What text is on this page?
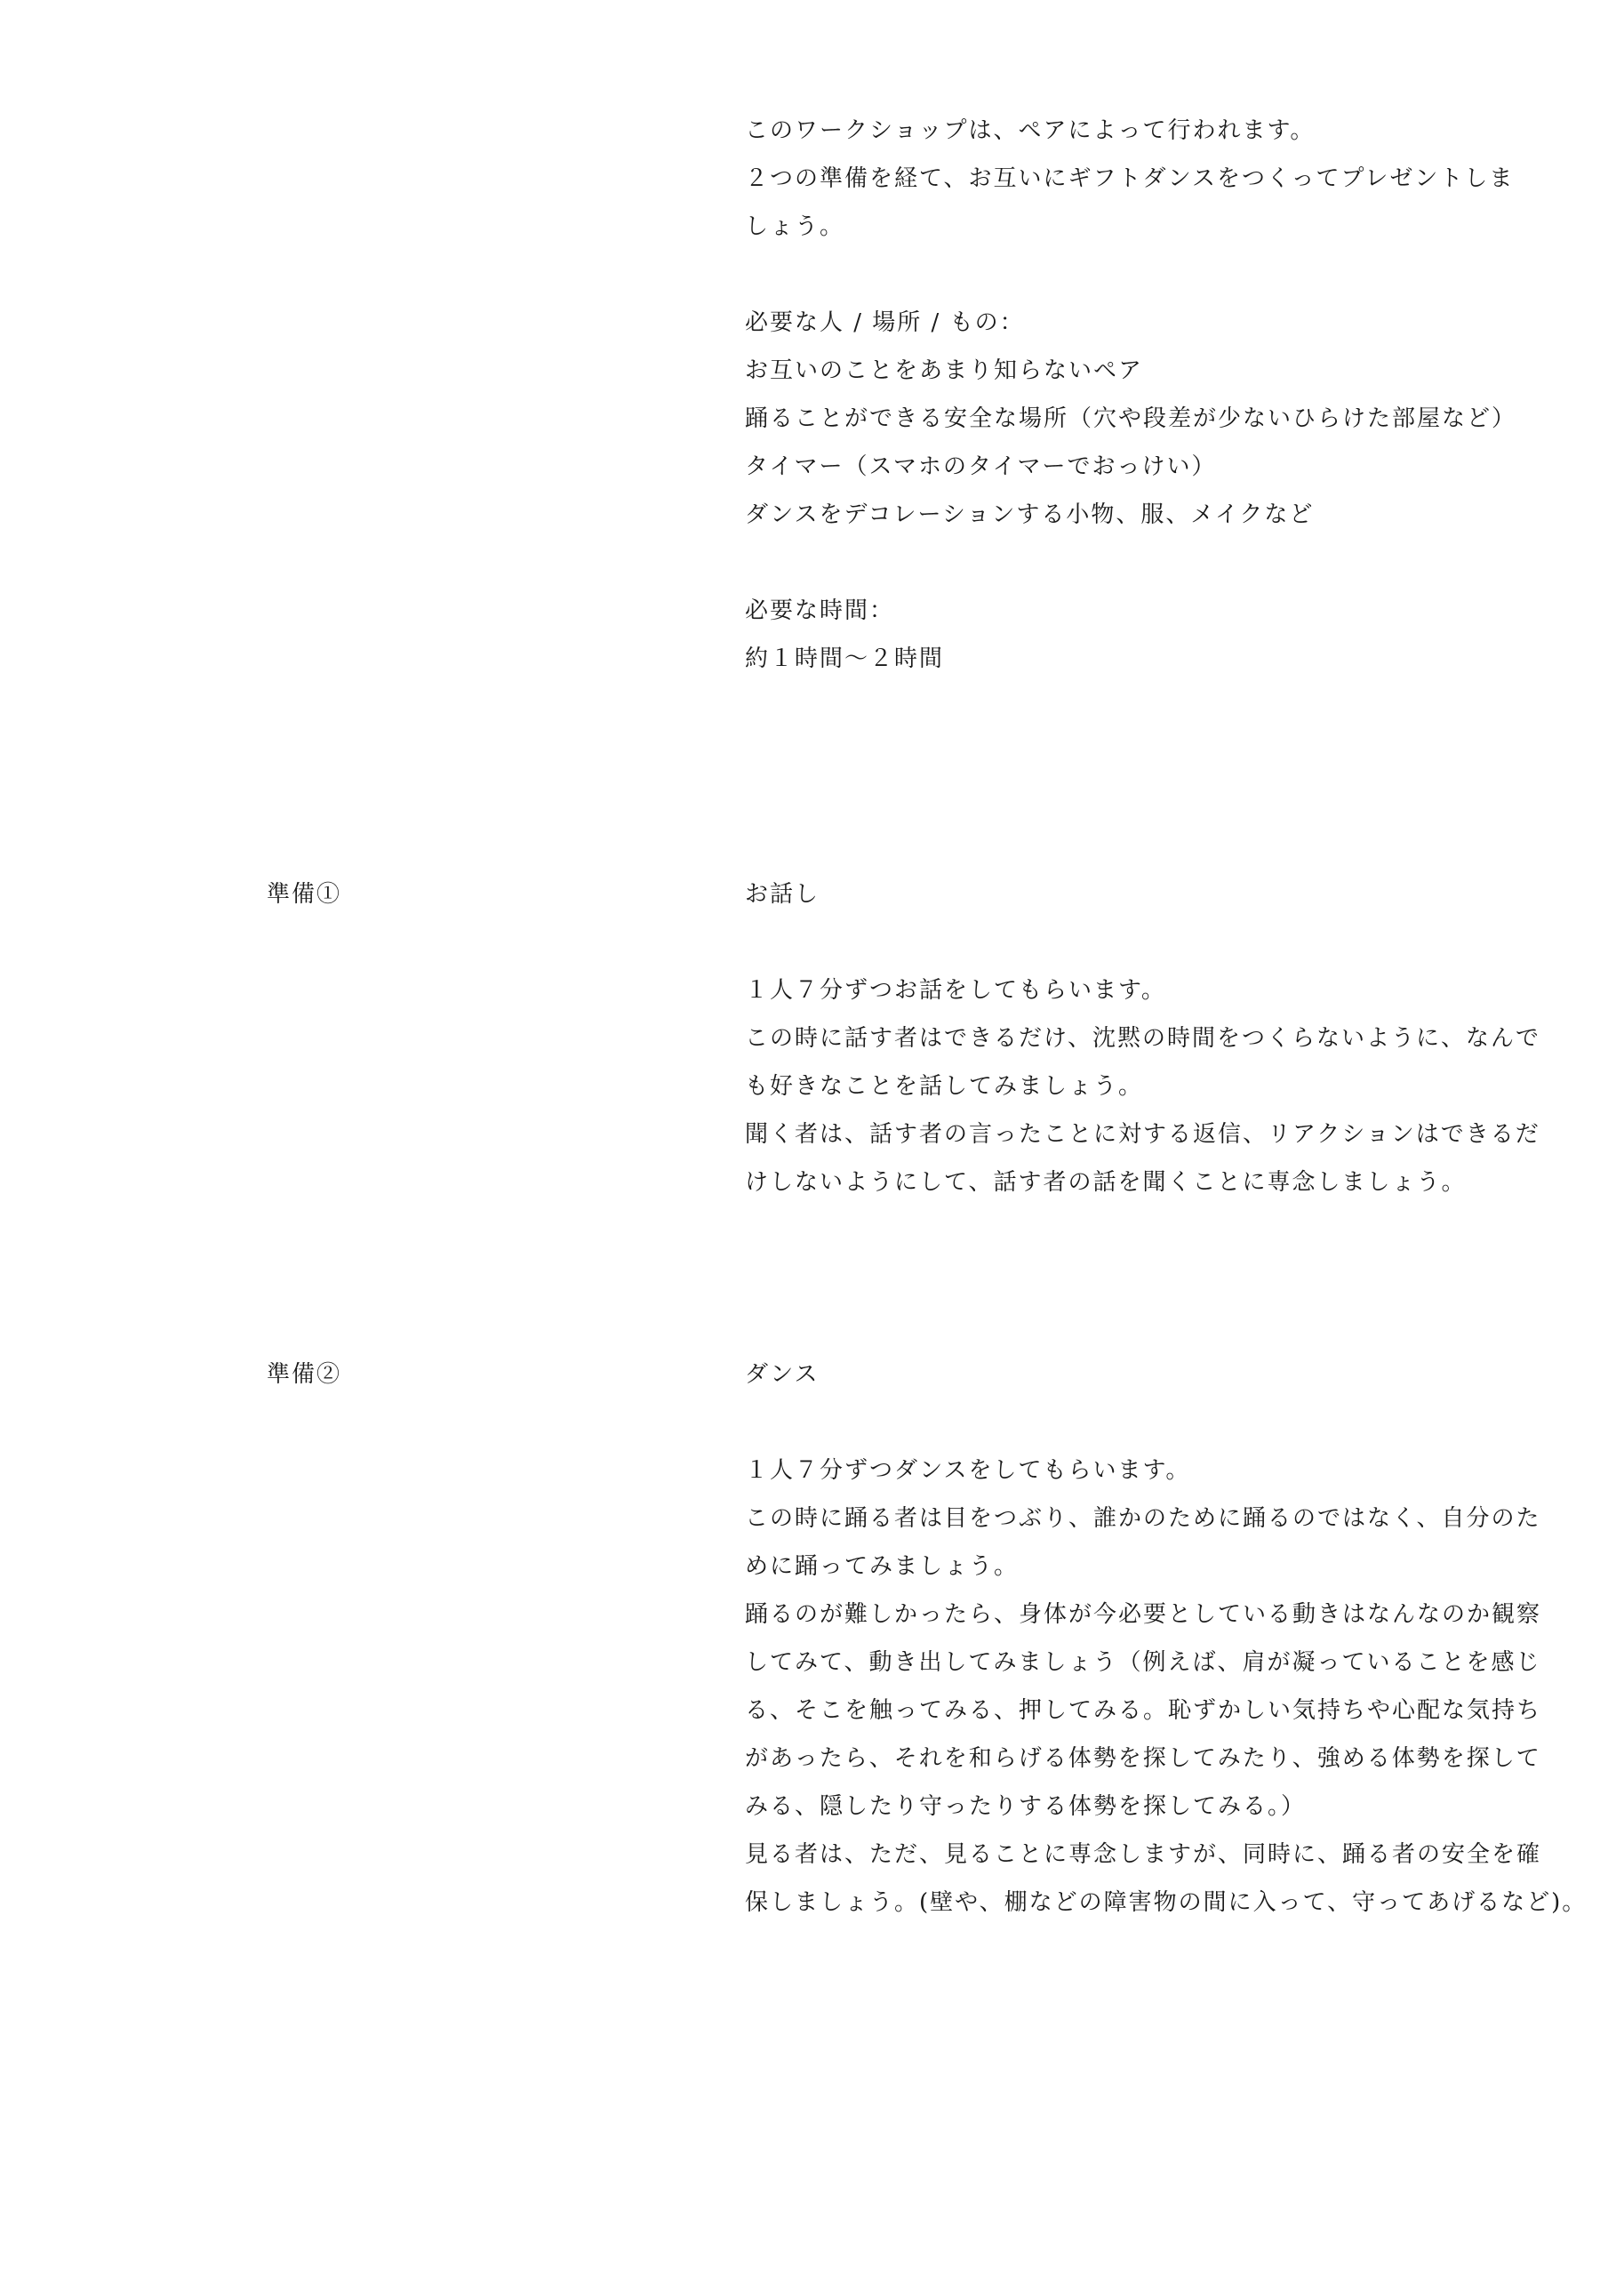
このワークショップは、ペアによって行われます。
２つの準備を経て、お互いにギフトダンスをつくってプレゼントしま
しょう。
必要な人 / 場所 / もの：
お互いのことをあまり知らないペア
踊ることができる安全な場所（穴や段差が少ないひらけた部屋など）
タイマー（スマホのタイマーでおっけい）
ダンスをデコレーションする小物、服、メイクなど
必要な時間：
約１時間〜２時間
準備①	お話し
１人７分ずつお話をしてもらいます。
この時に話す者はできるだけ、沈黙の時間をつくらないように、なんで
も好きなことを話してみましょう。
聞く者は、話す者の言ったことに対する返信、リアクションはできるだ
けしないようにして、話す者の話を聞くことに専念しましょう。
準備②	ダンス
１人７分ずつダンスをしてもらいます。
この時に踊る者は目をつぶり、誰かのために踊るのではなく、自分のた
めに踊ってみましょう。
踊るのが難しかったら、身体が今必要としている動きはなんなのか観察
してみて、動き出してみましょう（例えば、肩が凝っていることを感じ
る、そこを触ってみる、押してみる。恥ずかしい気持ちや心配な気持ち
があったら、それを和らげる体勢を探してみたり、強める体勢を探して
みる、隠したり守ったりする体勢を探してみる。）
見る者は、ただ、見ることに専念しますが、同時に、踊る者の安全を確
保しましょう。(壁や、棚などの障害物の間に入って、守ってあげるなど)。
